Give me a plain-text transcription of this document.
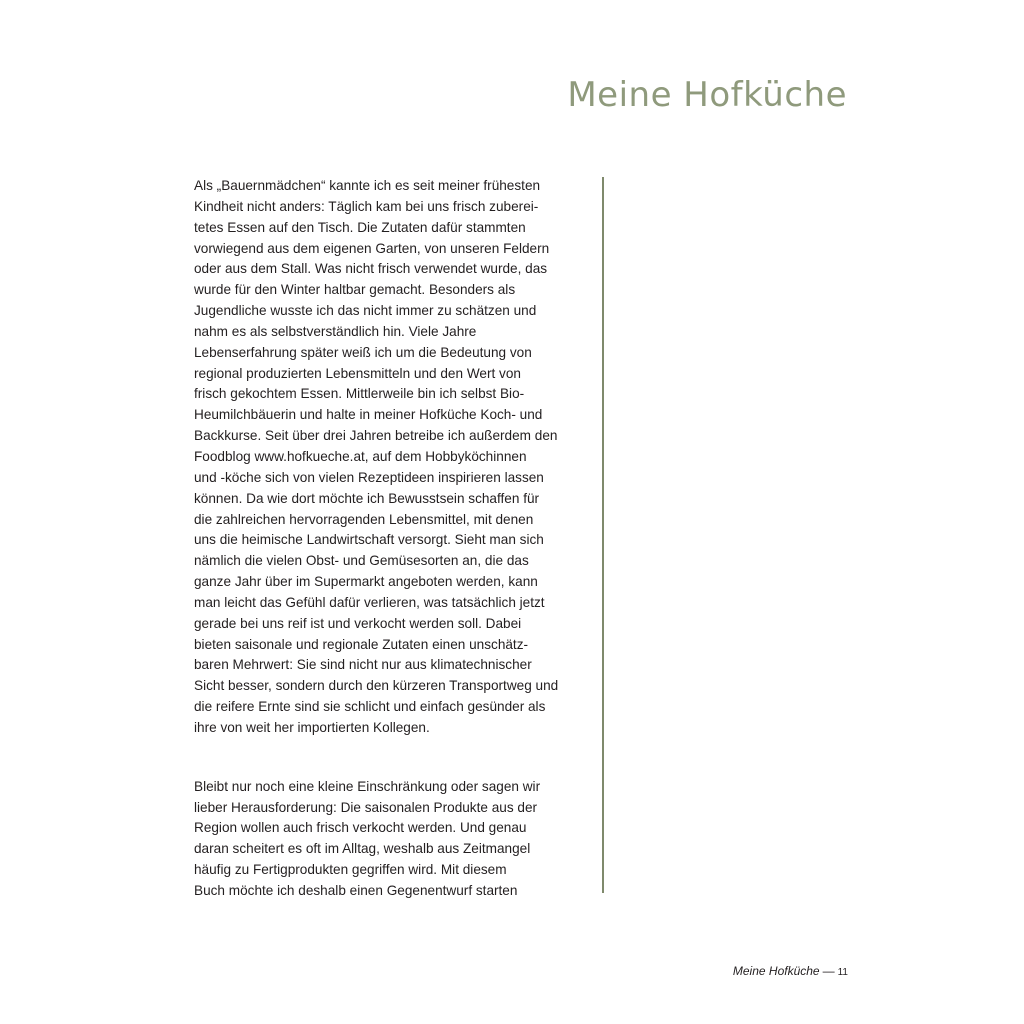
Meine Hofküche
Als „Bauernmädchen“ kannte ich es seit meiner frühesten
Kindheit nicht anders: Täglich kam bei uns frisch zuberei-
tetes Essen auf den Tisch. Die Zutaten dafür stammten
vorwiegend aus dem eigenen Garten, von unseren Feldern
oder aus dem Stall. Was nicht frisch verwendet wurde, das
wurde für den Winter haltbar gemacht. Besonders als
Jugendliche wusste ich das nicht immer zu schätzen und
nahm es als selbstverständlich hin. Viele Jahre
Lebenserfahrung später weiß ich um die Bedeutung von
regional produzierten Lebensmitteln und den Wert von
frisch gekochtem Essen. Mittlerweile bin ich selbst Bio-
Heumilchbäuerin und halte in meiner Hofküche Koch- und
Backkurse. Seit über drei Jahren betreibe ich außerdem den
Foodblog www.hofkueche.at, auf dem Hobbyköchinnen
und -köche sich von vielen Rezeptideen inspirieren lassen
können. Da wie dort möchte ich Bewusstsein schaffen für
die zahlreichen hervorragenden Lebensmittel, mit denen
uns die heimische Landwirtschaft versorgt. Sieht man sich
nämlich die vielen Obst- und Gemüsesorten an, die das
ganze Jahr über im Supermarkt angeboten werden, kann
man leicht das Gefühl dafür verlieren, was tatsächlich jetzt
gerade bei uns reif ist und verkocht werden soll. Dabei
bieten saisonale und regionale Zutaten einen unschätz-
baren Mehrwert: Sie sind nicht nur aus klimatechnischer
Sicht besser, sondern durch den kürzeren Transportweg und
die reifere Ernte sind sie schlicht und einfach gesünder als
ihre von weit her importierten Kollegen.
Bleibt nur noch eine kleine Einschränkung oder sagen wir
lieber Herausforderung: Die saisonalen Produkte aus der
Region wollen auch frisch verkocht werden. Und genau
daran scheitert es oft im Alltag, weshalb aus Zeitmangel
häufig zu Fertigprodukten gegriffen wird. Mit diesem
Buch möchte ich deshalb einen Gegenentwurf starten
Meine Hofküche — 11
